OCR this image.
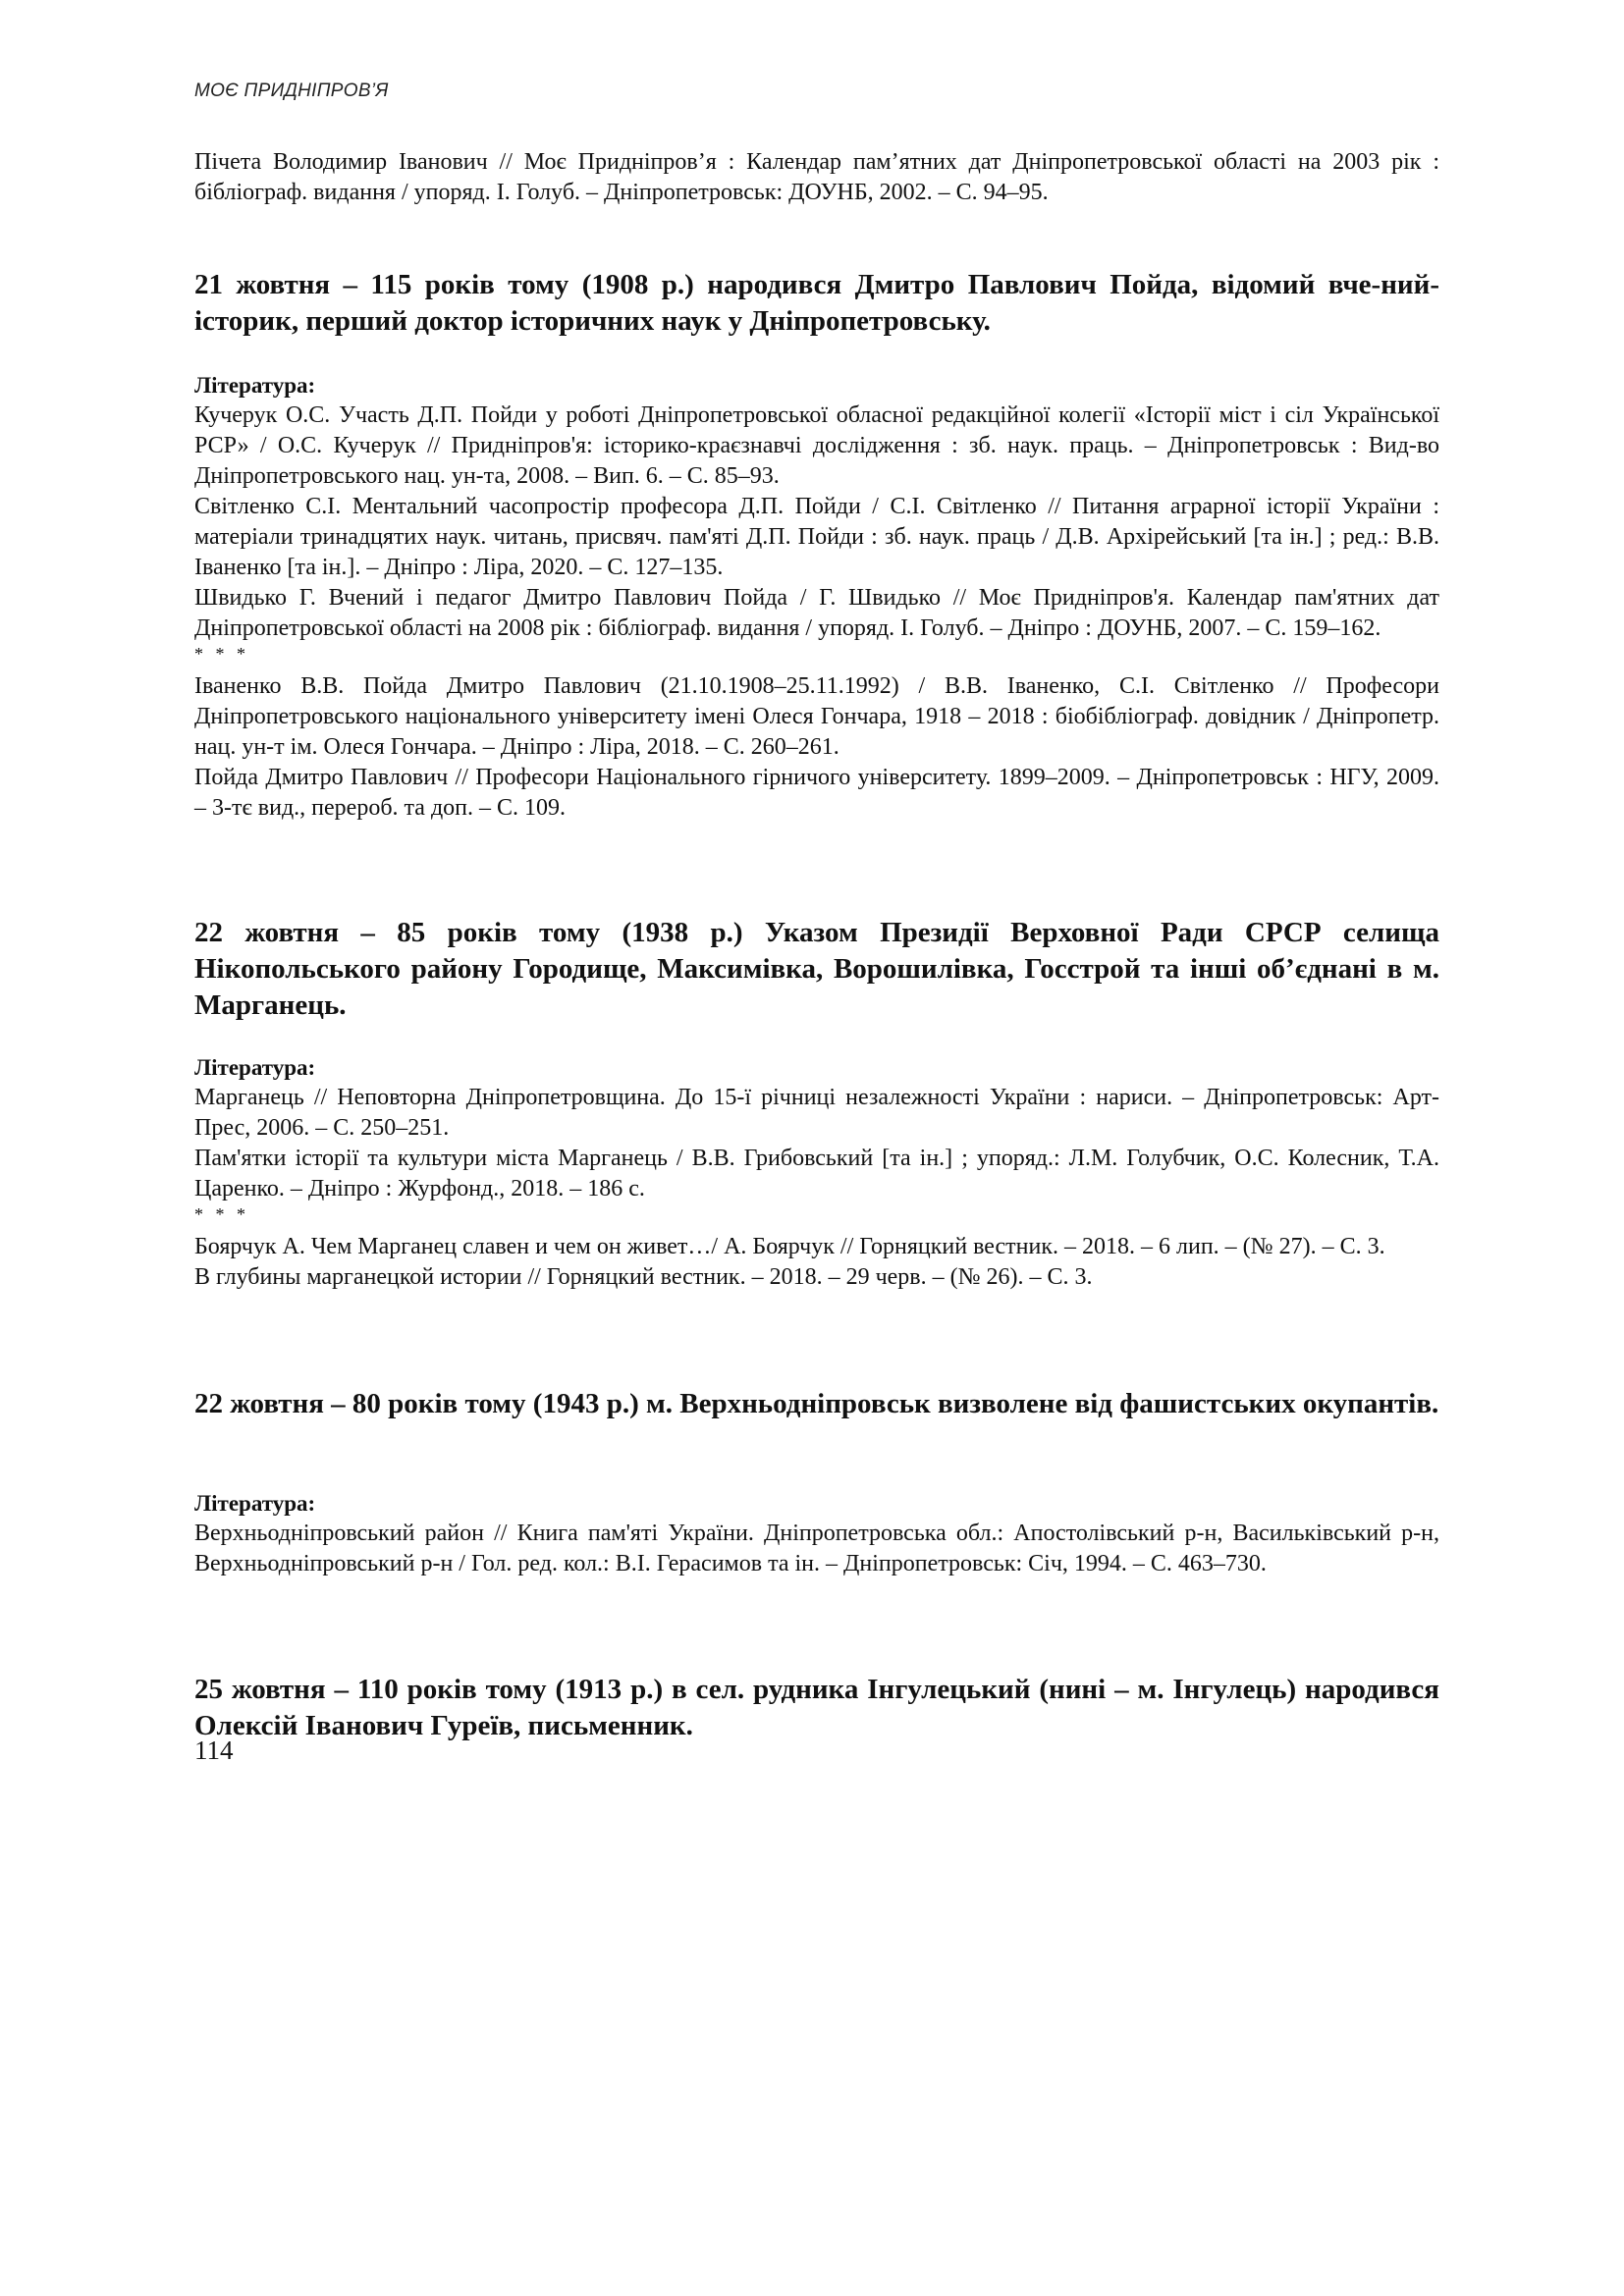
МОЄ ПРИДНІПРОВ’Я

Пічета Володимир Іванович // Моє Придніпров’я : Календар пам’ятних дат Дніпропетровської області на 2003 рік : бібліограф. видання / упоряд. І. Голуб. – Дніпропетровськ: ДОУНБ, 2002. – С. 94–95.

21 жовтня – 115 років тому (1908 р.) народився Дмитро Павлович Пойда, відомий вче-ний-історик, перший доктор історичних наук у Дніпропетровську.

Література:

Кучерук О.С. Участь Д.П. Пойди у роботі Дніпропетровської обласної редакційної колегії «Історії міст і сіл Української РСР» / О.С. Кучерук // Придніпров'я: історико-краєзнавчі дослідження : зб. наук. праць. – Дніпропетровськ : Вид-во Дніпропетровського нац. ун-та, 2008. – Вип. 6. – С. 85–93.

Світленко С.І. Ментальний часопростір професора Д.П. Пойди / С.І. Світленко // Питання аграрної історії України : матеріали тринадцятих наук. читань, присвяч. пам'яті Д.П. Пойди : зб. наук. праць / Д.В. Архірейський [та ін.] ; ред.: В.В. Іваненко [та ін.]. – Дніпро : Ліра, 2020. – С. 127–135.

Швидько Г. Вчений і педагог Дмитро Павлович Пойда / Г. Швидько // Моє Придніпров'я. Календар пам'ятних дат Дніпропетровської області на 2008 рік : бібліограф. видання / упоряд. І. Голуб. – Дніпро : ДОУНБ, 2007. – С. 159–162.

* * *

Іваненко В.В. Пойда Дмитро Павлович (21.10.1908–25.11.1992) / В.В. Іваненко, С.І. Світленко // Професори Дніпропетровського національного університету імені Олеся Гончара, 1918 – 2018 : біобібліограф. довідник / Дніпропетр. нац. ун-т ім. Олеся Гончара. – Дніпро : Ліра, 2018. – С. 260–261.

Пойда Дмитро Павлович // Професори Національного гірничого університету. 1899–2009. – Дніпропетровськ : НГУ, 2009. – 3-тє вид., перероб. та доп. – С. 109.

22 жовтня – 85 років тому (1938 р.) Указом Президії Верховної Ради СРСР селища Нікопольського району Городище, Максимівка, Ворошилівка, Госстрой та інші об’єднані в м. Марганець.

Література:

Марганець // Неповторна Дніпропетровщина. До 15-ї річниці незалежності України : нариси. – Дніпропетровськ: Арт-Прес, 2006. – С. 250–251.

Пам'ятки історії та культури міста Марганець / В.В. Грибовський [та ін.] ; упоряд.: Л.М. Голубчик, О.С. Колесник, Т.А. Царенко. – Дніпро : Журфонд., 2018. – 186 с.

* * *

Боярчук А. Чем Марганец славен и чем он живет…/ А. Боярчук // Горняцкий вестник. – 2018. – 6 лип. – (№ 27). – С. 3.

В глубины марганецкой истории // Горняцкий вестник. – 2018. – 29 черв. – (№ 26). – С. 3.

22 жовтня – 80 років тому (1943 р.) м. Верхньодніпровськ визволене від фашистських окупантів.

Література:

Верхньодніпровський район // Книга пам'яті України. Дніпропетровська обл.: Апостолівський р-н, Васильківський р-н, Верхньодніпровський р-н / Гол. ред. кол.: В.І. Герасимов та ін. – Дніпропетровськ: Січ, 1994. – С. 463–730.

25 жовтня – 110 років тому (1913 р.) в сел. рудника Інгулецький (нині – м. Інгулець) народився Олексій Іванович Гуреїв, письменник.

114
